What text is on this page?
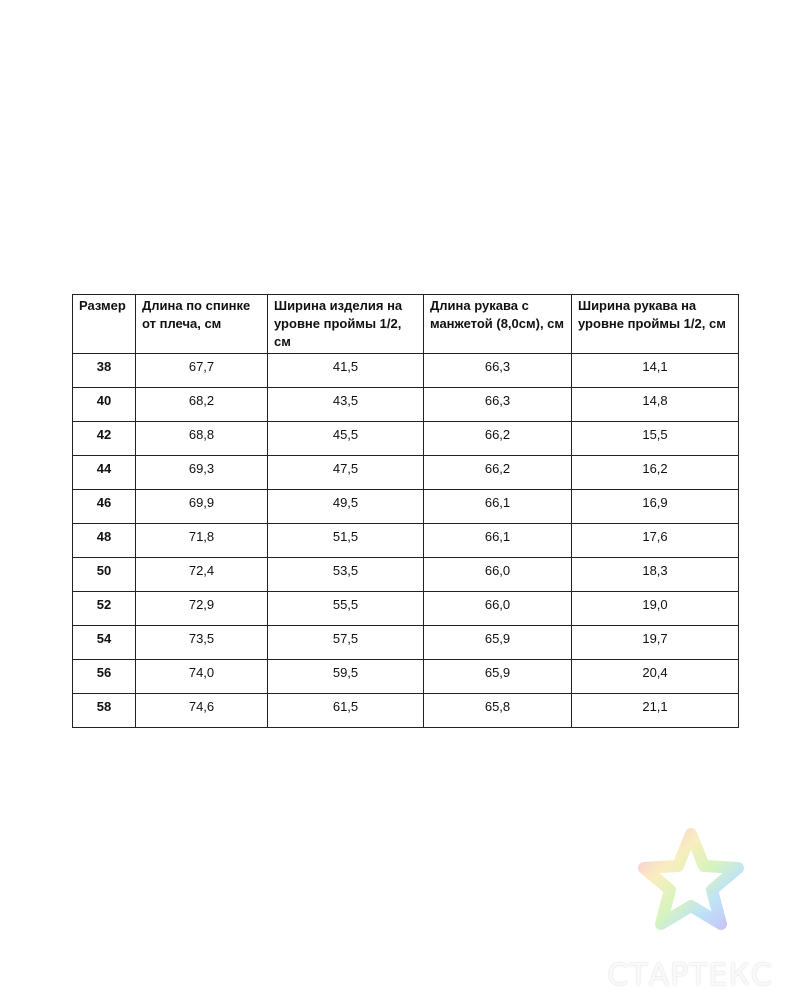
Размер	Длина по спинке от плеча, см	Ширина изделия на уровне проймы 1/2, см	Длина рукава с манжетой (8,0см), см	Ширина рукава на уровне проймы 1/2, см
38	67,7	41,5	66,3	14,1
40	68,2	43,5	66,3	14,8
42	68,8	45,5	66,2	15,5
44	69,3	47,5	66,2	16,2
46	69,9	49,5	66,1	16,9
48	71,8	51,5	66,1	17,6
50	72,4	53,5	66,0	18,3
52	72,9	55,5	66,0	19,0
54	73,5	57,5	65,9	19,7
56	74,0	59,5	65,9	20,4
58	74,6	61,5	65,8	21,1
СТАРТЕКС
